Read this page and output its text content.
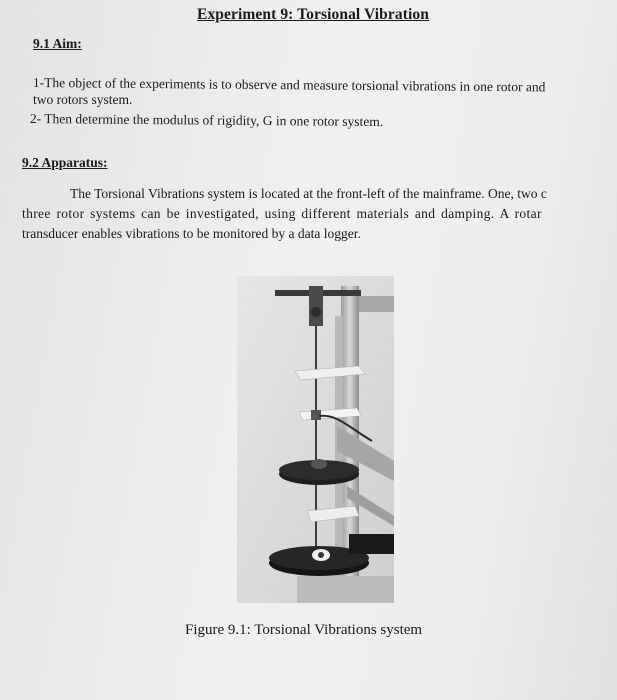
Experiment 9: Torsional Vibration
9.1 Aim:
1-The object of the experiments is to observe and measure torsional vibrations in one rotor and
two rotors system.
2- Then determine the modulus of rigidity, G in one rotor system.
9.2 Apparatus:
The Torsional Vibrations system is located at the front-left of the mainframe. One, two c
three rotor systems can be investigated, using different materials and damping. A rotar
transducer enables vibrations to be monitored by a data logger.
Figure 9.1: Torsional Vibrations system
